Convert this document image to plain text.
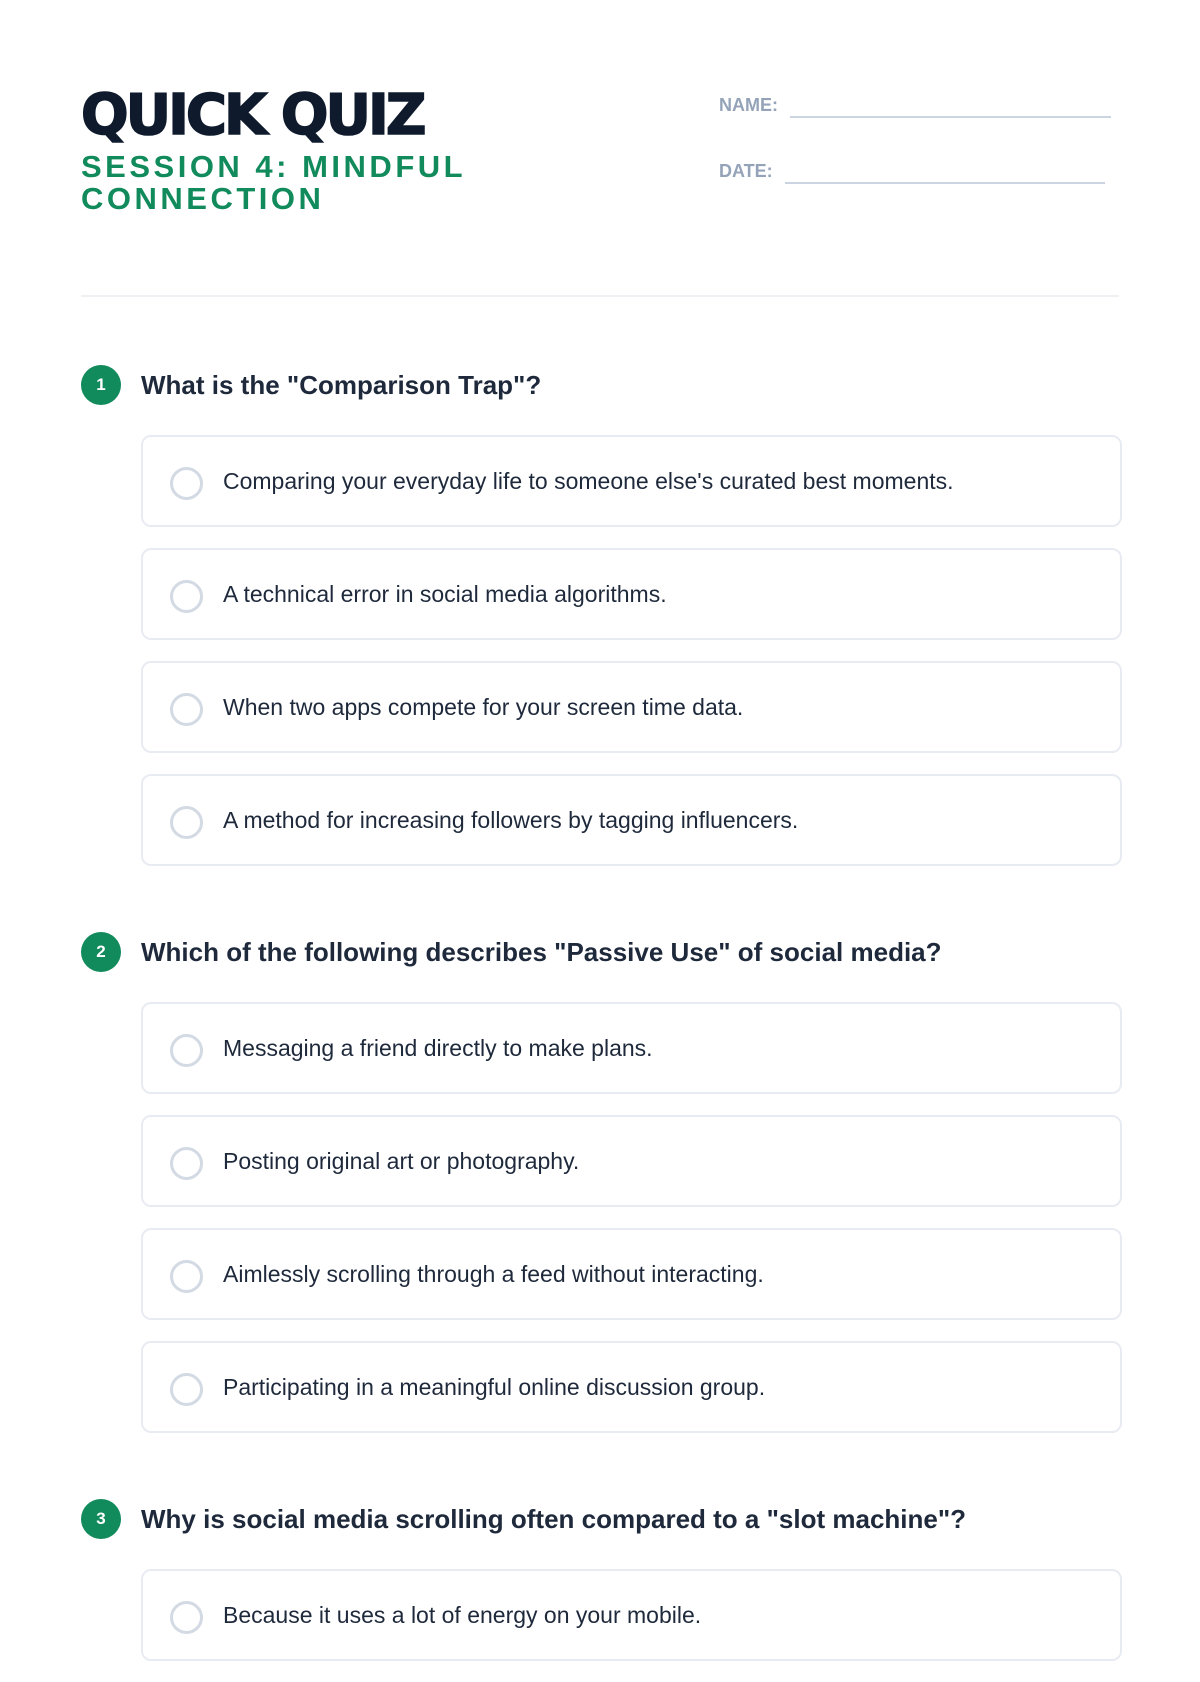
QUICK QUIZ
SESSION 4: MINDFUL CONNECTION
NAME:
DATE:
1	What is the "Comparison Trap"?
Comparing your everyday life to someone else's curated best moments.
A technical error in social media algorithms.
When two apps compete for your screen time data.
A method for increasing followers by tagging influencers.
2	Which of the following describes "Passive Use" of social media?
Messaging a friend directly to make plans.
Posting original art or photography.
Aimlessly scrolling through a feed without interacting.
Participating in a meaningful online discussion group.
3	Why is social media scrolling often compared to a "slot machine"?
Because it uses a lot of energy on your mobile.
